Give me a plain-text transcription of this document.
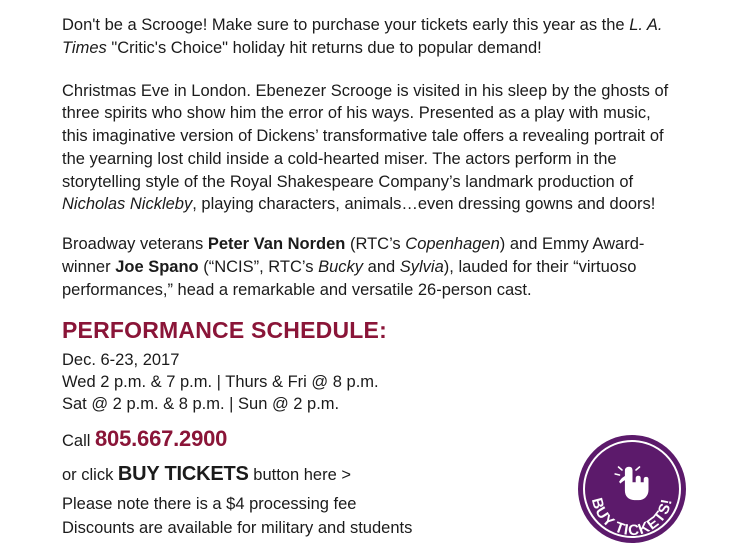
Don't be a Scrooge! Make sure to purchase your tickets early this year as the L. A. Times "Critic's Choice" holiday hit returns due to popular demand!

Christmas Eve in London. Ebenezer Scrooge is visited in his sleep by the ghosts of three spirits who show him the error of his ways. Presented as a play with music, this imaginative version of Dickens’ transformative tale offers a revealing portrait of the yearning lost child inside a cold-hearted miser. The actors perform in the storytelling style of the Royal Shakespeare Company’s landmark production of Nicholas Nickleby, playing characters, animals…even dressing gowns and doors!

Broadway veterans Peter Van Norden (RTC’s Copenhagen) and Emmy Award-winner Joe Spano (“NCIS”, RTC’s Bucky and Sylvia), lauded for their “virtuoso performances,” head a remarkable and versatile 26-person cast.

PERFORMANCE SCHEDULE:
Dec. 6-23, 2017
Wed 2 p.m. & 7 p.m. | Thurs & Fri @ 8 p.m.
Sat @ 2 p.m. & 8 p.m. | Sun @ 2 p.m.
Call 805.667.2900
or click BUY TICKETS button here >
Please note there is a $4 processing fee
Discounts are available for military and students
BUY TICKETS!
